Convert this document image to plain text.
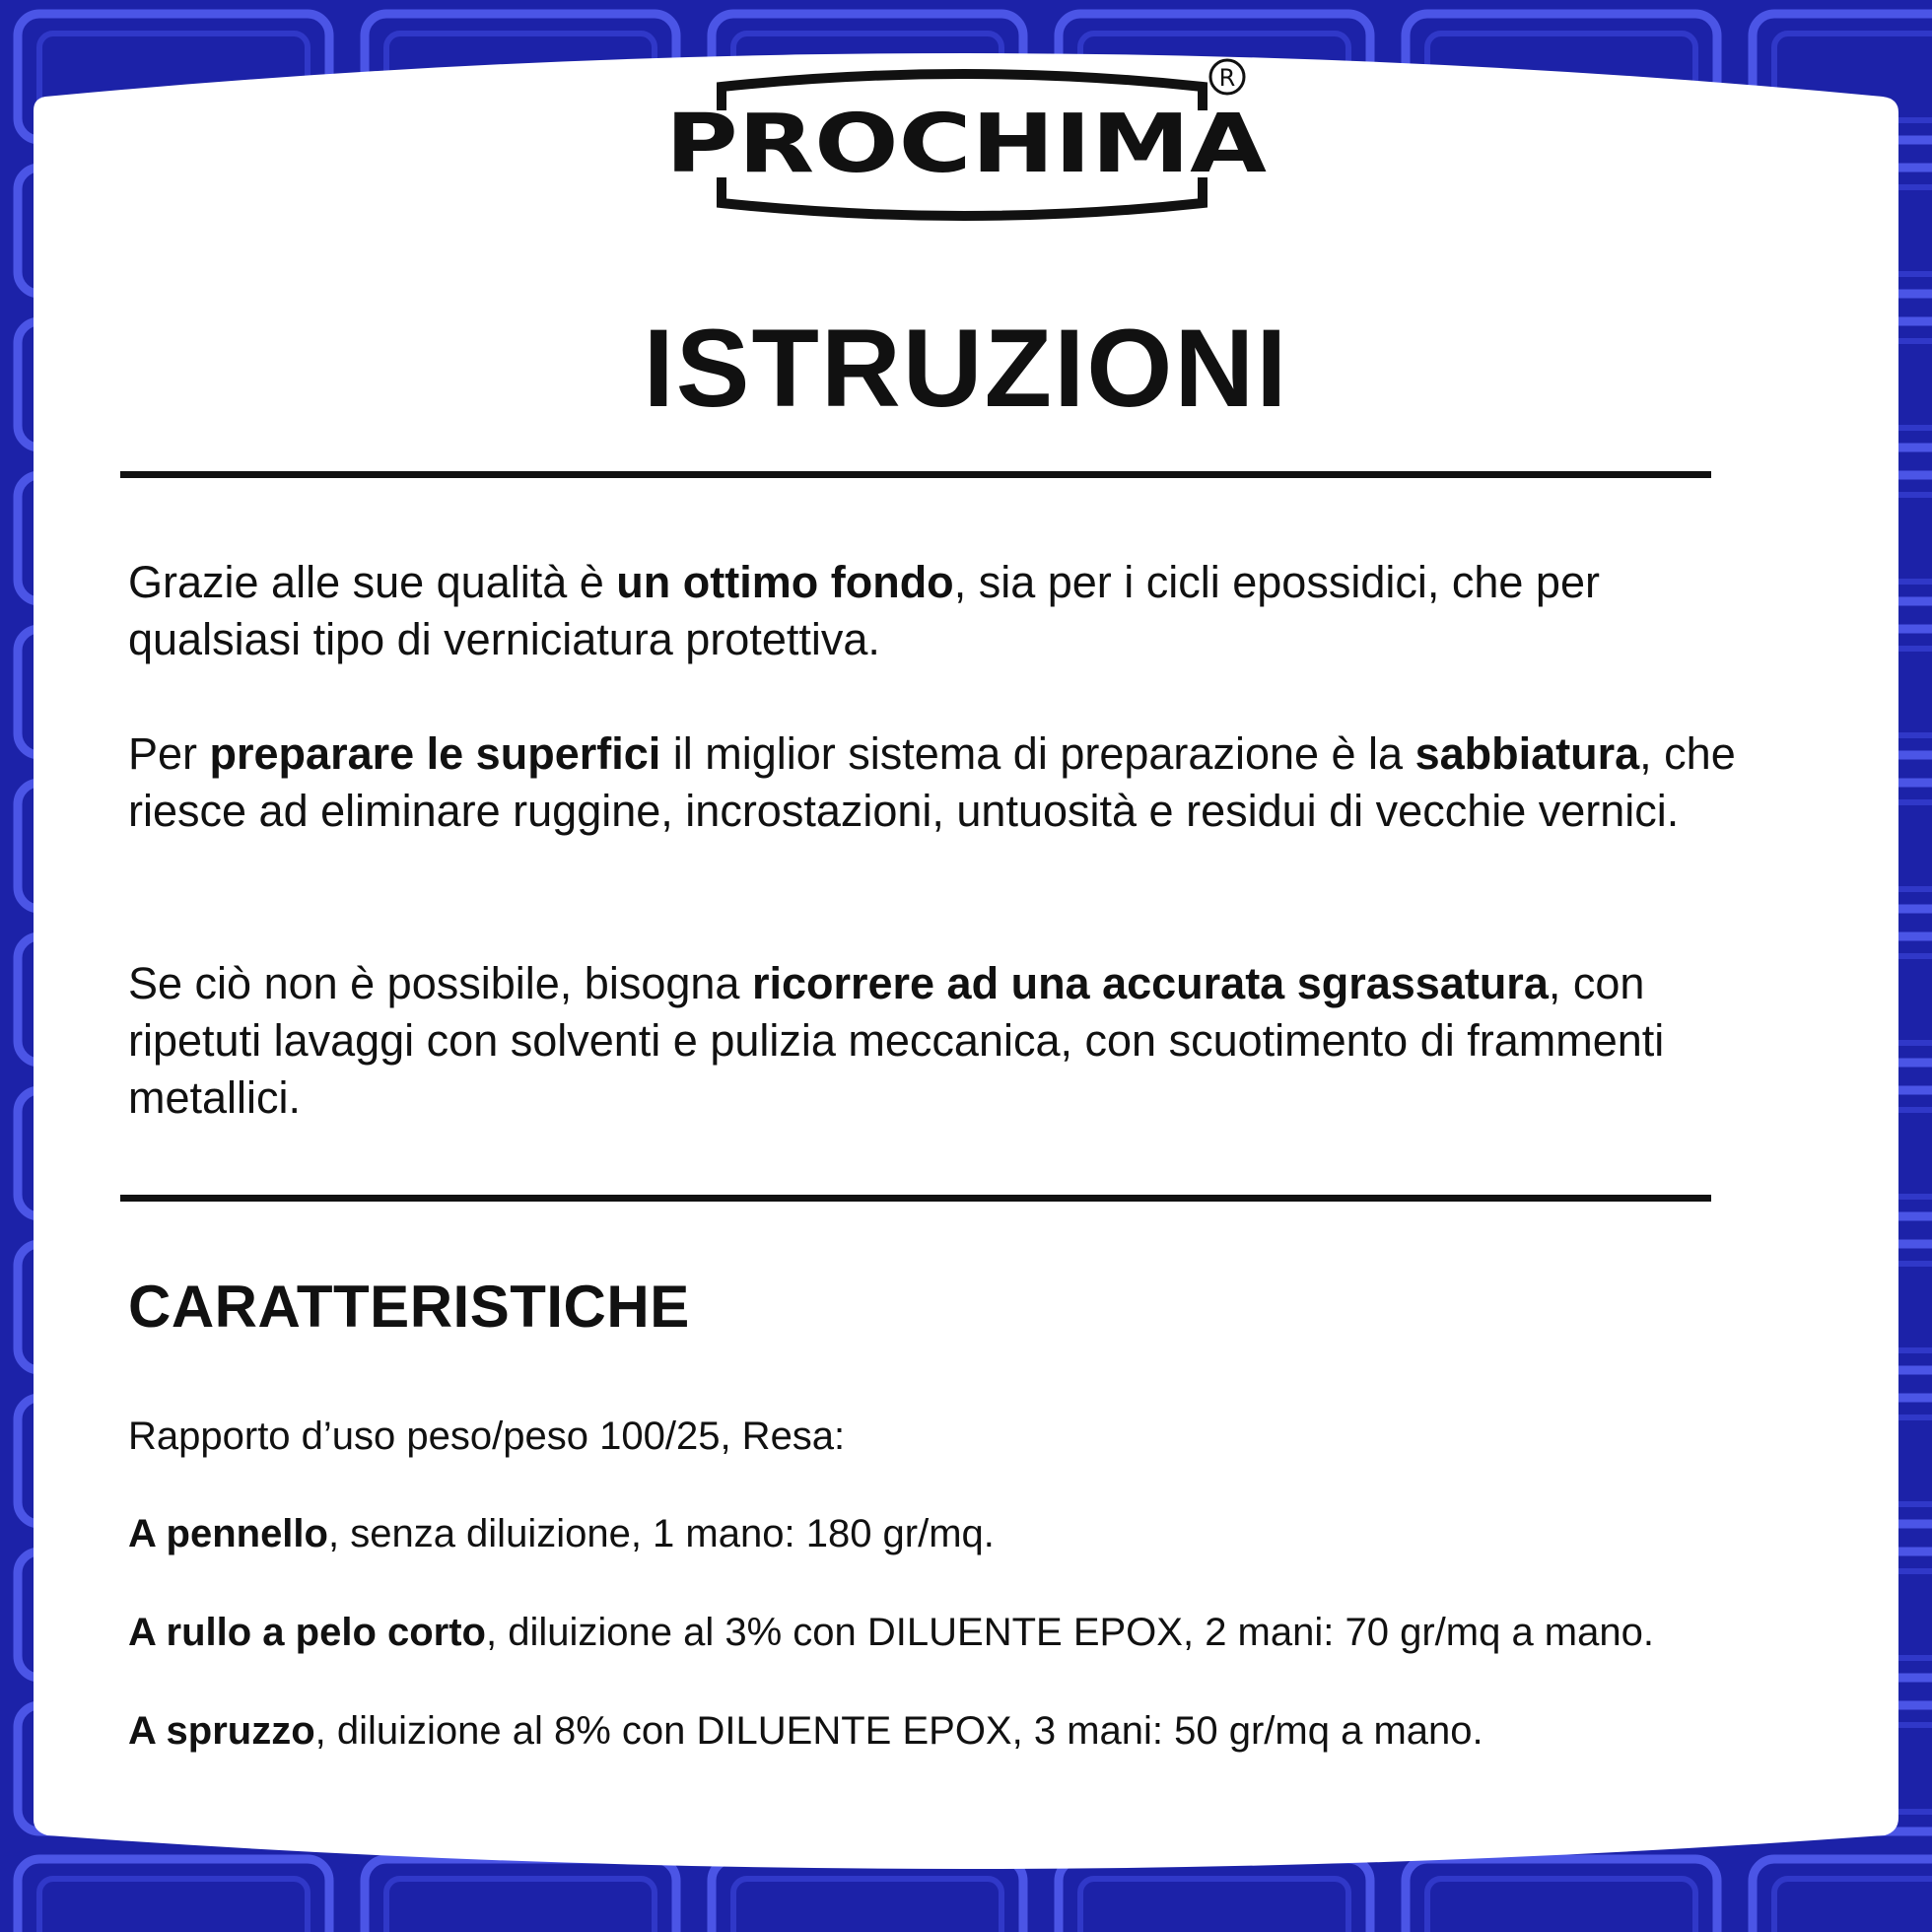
PROCHIMA
R
ISTRUZIONI

Grazie alle sue qualità è un ottimo fondo, sia per i cicli epossidici, che per qualsiasi tipo di verniciatura protettiva.

Per preparare le superfici il miglior sistema di preparazione è la sabbiatura, che riesce ad eliminare ruggine, incrostazioni, untuosità e residui di vecchie vernici.

Se ciò non è possibile, bisogna ricorrere ad una accurata sgrassatura, con ripetuti lavaggi con solventi e pulizia meccanica, con scuotimento di frammenti metallici.

CARATTERISTICHE

Rapporto d’uso peso/peso 100/25, Resa:

A pennello, senza diluizione, 1 mano: 180 gr/mq.

A rullo a pelo corto, diluizione al 3% con DILUENTE EPOX, 2 mani: 70 gr/mq a mano.

A spruzzo, diluizione al 8% con DILUENTE EPOX, 3 mani: 50 gr/mq a mano.
